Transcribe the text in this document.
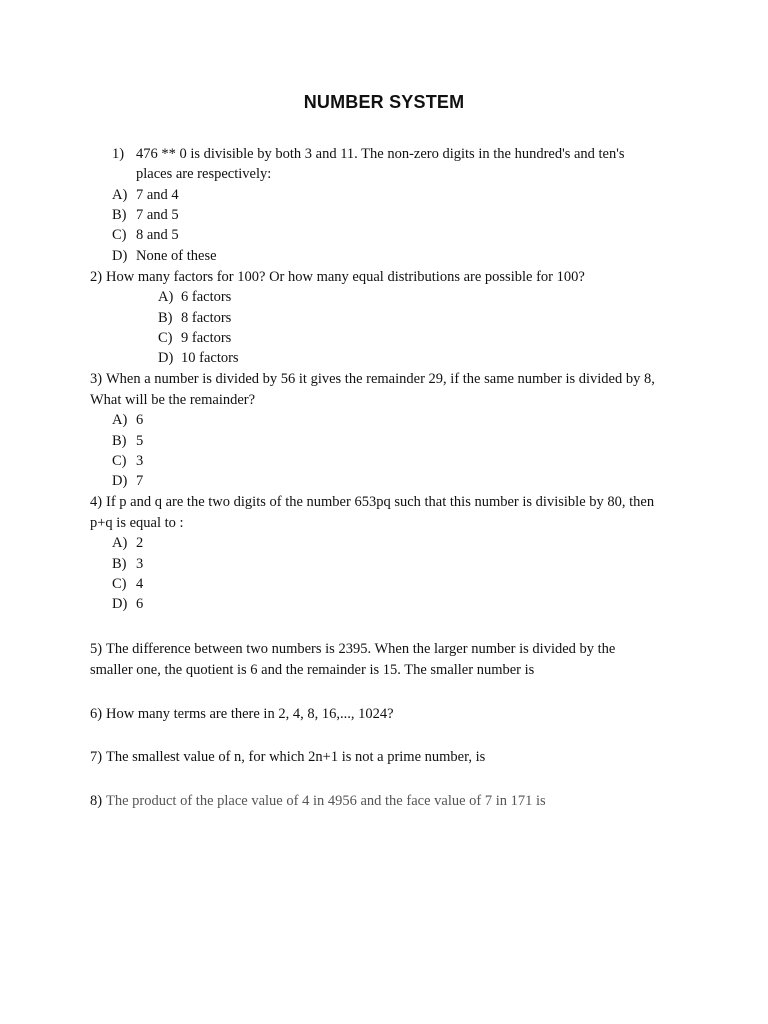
NUMBER SYSTEM
1) 476 ** 0 is divisible by both 3 and 11. The non-zero digits in the hundred's and ten's
places are respectively:
A) 7 and 4
B) 7 and 5
C) 8 and 5
D) None of these
2) How many factors for 100? Or how many equal distributions are possible for 100?
A) 6 factors
B) 8 factors
C) 9 factors
D) 10 factors
3) When a number is divided by 56 it gives the remainder 29, if the same number is divided by 8,
What will be the remainder?
A) 6
B) 5
C) 3
D) 7
4) If p and q are the two digits of the number 653pq such that this number is divisible by 80, then
p+q is equal to :
A) 2
B) 3
C) 4
D) 6
5) The difference between two numbers is 2395. When the larger number is divided by the
smaller one, the quotient is 6 and the remainder is 15. The smaller number is
6) How many terms are there in 2, 4, 8, 16,..., 1024?
7) The smallest value of n, for which 2n+1 is not a prime number, is
8) The product of the place value of 4 in 4956 and the face value of 7 in 171 is
